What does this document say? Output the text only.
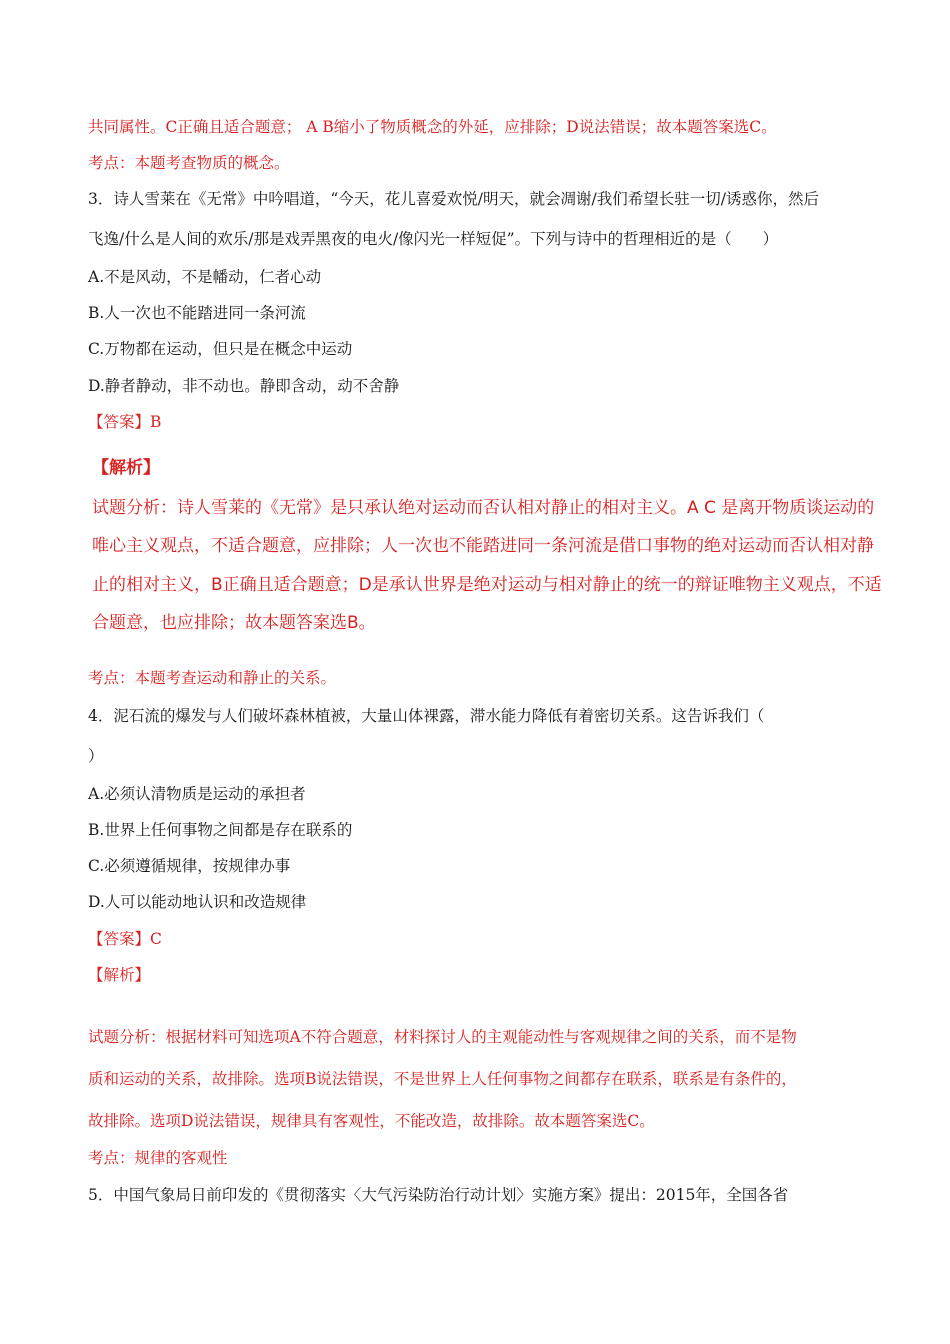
共同属性。C正确且适合题意； A B缩小了物质概念的外延，应排除；D说法错误；故本题答案选C。
考点：本题考查物质的概念。
3．诗人雪莱在《无常》中吟唱道，“今天，花儿喜爱欢悦/明天，就会凋谢/我们希望长驻一切/诱惑你，然后
飞逸/什么是人间的欢乐/那是戏弄黑夜的电火/像闪光一样短促”。下列与诗中的哲理相近的是（　　）
A.不是风动，不是幡动，仁者心动
B.人一次也不能踏进同一条河流
C.万物都在运动，但只是在概念中运动
D.静者静动，非不动也。静即含动，动不舍静
【答案】B
【解析】
试题分析：诗人雪莱的《无常》是只承认绝对运动而否认相对静止的相对主义。A C 是离开物质谈运动的
唯心主义观点，不适合题意，应排除；人一次也不能踏进同一条河流是借口事物的绝对运动而否认相对静
止的相对主义，B正确且适合题意；D是承认世界是绝对运动与相对静止的统一的辩证唯物主义观点，不适
合题意，也应排除；故本题答案选B。
考点：本题考查运动和静止的关系。
4．泥石流的爆发与人们破坏森林植被，大量山体裸露，滞水能力降低有着密切关系。这告诉我们（
）
A.必须认清物质是运动的承担者
B.世界上任何事物之间都是存在联系的
C.必须遵循规律，按规律办事
D.人可以能动地认识和改造规律
【答案】C
【解析】
试题分析：根据材料可知选项A不符合题意，材料探讨人的主观能动性与客观规律之间的关系，而不是物
质和运动的关系，故排除。选项B说法错误，不是世界上人任何事物之间都存在联系，联系是有条件的，
故排除。选项D说法错误，规律具有客观性，不能改造，故排除。故本题答案选C。
考点：规律的客观性
5．中国气象局日前印发的《贯彻落实〈大气污染防治行动计划〉实施方案》提出：2015年，全国各省
